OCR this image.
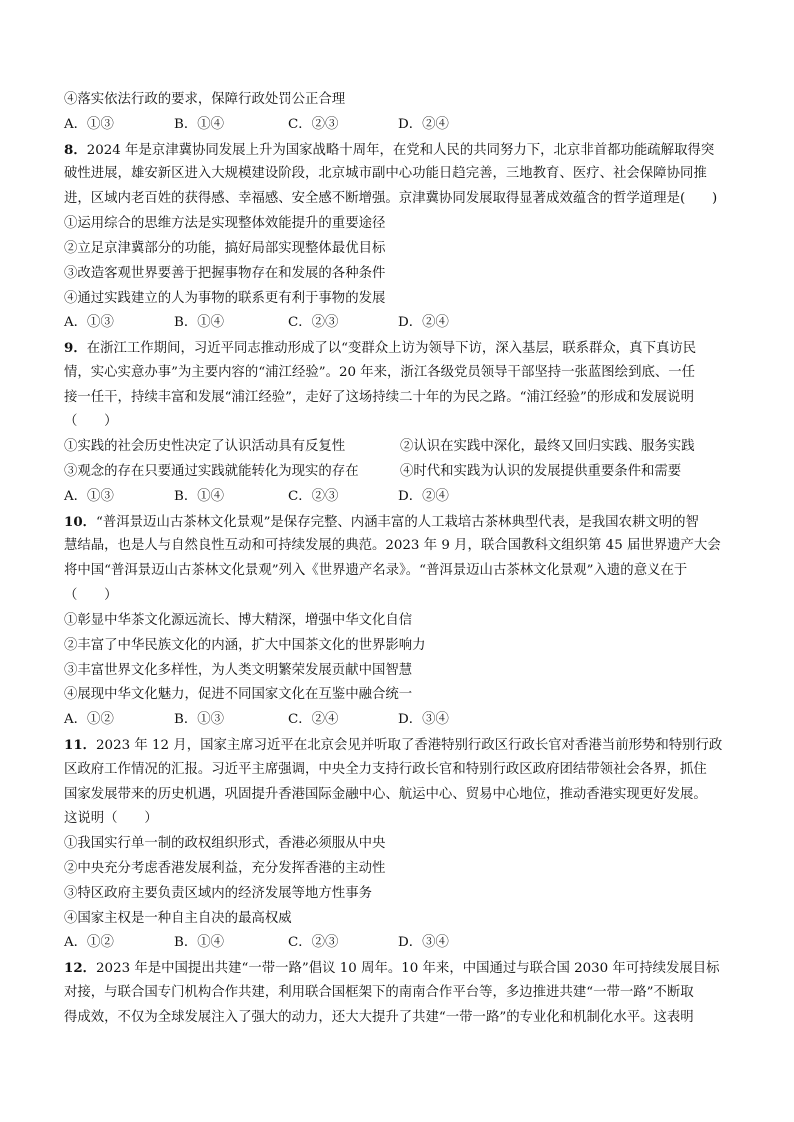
④落实依法行政的要求，保障行政处罚公正合理
A．①③	B．①④	C．②③	D．②④
8．2024 年是京津冀协同发展上升为国家战略十周年，在党和人民的共同努力下，北京非首都功能疏解取得突
破性进展，雄安新区进入大规模建设阶段，北京城市副中心功能日趋完善，三地教育、医疗、社会保障协同推
进，区域内老百姓的获得感、幸福感、安全感不断增强。京津冀协同发展取得显著成效蕴含的哲学道理是(　　)
①运用综合的思维方法是实现整体效能提升的重要途径
②立足京津冀部分的功能，搞好局部实现整体最优目标
③改造客观世界要善于把握事物存在和发展的各种条件
④通过实践建立的人为事物的联系更有利于事物的发展
A．①③	B．①④	C．②③	D．②④
9．在浙江工作期间，习近平同志推动形成了以“变群众上访为领导下访，深入基层，联系群众，真下真访民
情，实心实意办事”为主要内容的“浦江经验”。20 年来，浙江各级党员领导干部坚持一张蓝图绘到底、一任
接一任干，持续丰富和发展“浦江经验”，走好了这场持续二十年的为民之路。“浦江经验”的形成和发展说明
（　　）
①实践的社会历史性决定了认识活动具有反复性	②认识在实践中深化，最终又回归实践、服务实践
③观念的存在只要通过实践就能转化为现实的存在	④时代和实践为认识的发展提供重要条件和需要
A．①③	B．①④	C．②③	D．②④
10．“普洱景迈山古茶林文化景观”是保存完整、内涵丰富的人工栽培古茶林典型代表，是我国农耕文明的智
慧结晶，也是人与自然良性互动和可持续发展的典范。2023 年 9 月，联合国教科文组织第 45 届世界遗产大会
将中国“普洱景迈山古茶林文化景观”列入《世界遗产名录》。“普洱景迈山古茶林文化景观”入遗的意义在于
（　　）
①彰显中华茶文化源远流长、博大精深，增强中华文化自信
②丰富了中华民族文化的内涵，扩大中国茶文化的世界影响力
③丰富世界文化多样性，为人类文明繁荣发展贡献中国智慧
④展现中华文化魅力，促进不同国家文化在互鉴中融合统一
A．①②	B．①③	C．②④	D．③④
11．2023 年 12 月，国家主席习近平在北京会见并听取了香港特别行政区行政长官对香港当前形势和特别行政
区政府工作情况的汇报。习近平主席强调，中央全力支持行政长官和特别行政区政府团结带领社会各界，抓住
国家发展带来的历史机遇，巩固提升香港国际金融中心、航运中心、贸易中心地位，推动香港实现更好发展。
这说明（　　）
①我国实行单一制的政权组织形式，香港必须服从中央
②中央充分考虑香港发展利益，充分发挥香港的主动性
③特区政府主要负责区域内的经济发展等地方性事务
④国家主权是一种自主自决的最高权威
A．①②	B．①④	C．②③	D．③④
12．2023 年是中国提出共建“一带一路”倡议 10 周年。10 年来，中国通过与联合国 2030 年可持续发展目标
对接，与联合国专门机构合作共建，利用联合国框架下的南南合作平台等，多边推进共建“一带一路”不断取
得成效，不仅为全球发展注入了强大的动力，还大大提升了共建“一带一路”的专业化和机制化水平。这表明
